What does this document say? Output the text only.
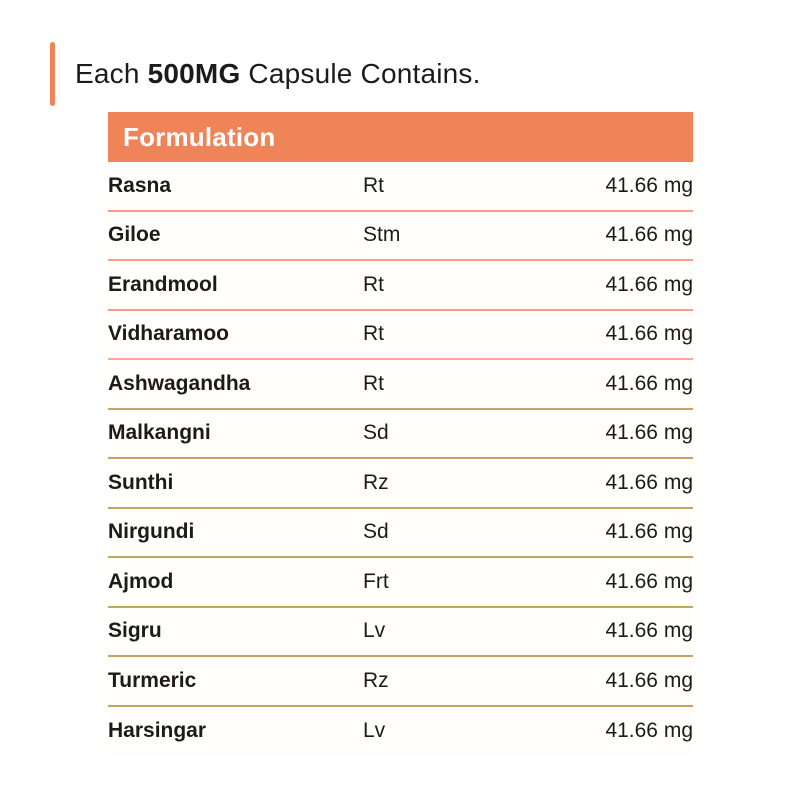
Each 500MG Capsule Contains.
Formulation
Rasna	Rt	41.66 mg
Giloe	Stm	41.66 mg
Erandmool	Rt	41.66 mg
Vidharamoo	Rt	41.66 mg
Ashwagandha	Rt	41.66 mg
Malkangni	Sd	41.66 mg
Sunthi	Rz	41.66 mg
Nirgundi	Sd	41.66 mg
Ajmod	Frt	41.66 mg
Sigru	Lv	41.66 mg
Turmeric	Rz	41.66 mg
Harsingar	Lv	41.66 mg
